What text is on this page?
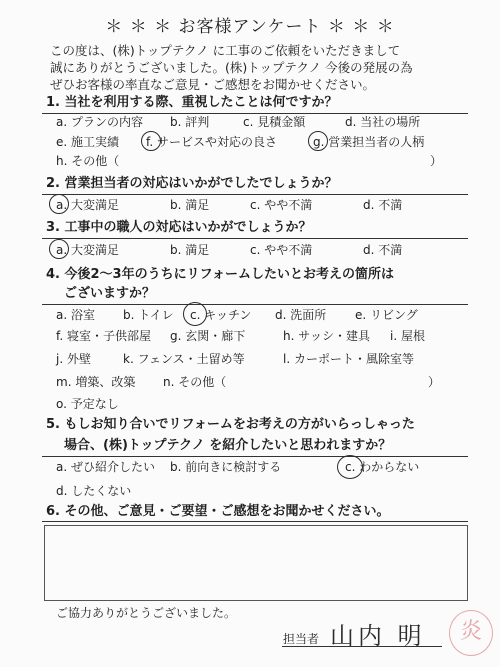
＊ ＊ ＊ お客様アンケート ＊ ＊ ＊
この度は、(株)トップテクノ に工事のご依頼をいただきまして
誠にありがとうございました。(株)トップテクノ 今後の発展の為
ぜひお客様の率直なご意見・ご感想をお聞かせください。
1. 当社を利用する際、重視したことは何ですか？
a. プランの内容 b. 評判	c. 見積金額	d. 当社の場所
e. 施工実績 f. サービスや対応の良さ	g. 営業担当者の人柄
h. その他（	）
2. 営業担当者の対応はいかがでしたでしょうか？
a. 大変満足	b. 満足	c. やや不満	d. 不満
3. 工事中の職人の対応はいかがでしょうか？
a. 大変満足	b. 満足	c. やや不満	d. 不満
4. 今後2～3年のうちにリフォームしたいとお考えの箇所は
ございますか？
a. 浴室 b. トイレ c. キッチン d. 洗面所 e. リビング
f. 寝室・子供部屋 g. 玄関・廊下	h. サッシ・建具 i. 屋根
j. 外壁	k. フェンス・土留め等	l. カーポート・風除室等
m. 増築、改築 n. その他（	）
o. 予定なし
5. もしお知り合いでリフォームをお考えの方がいらっしゃった
場合、(株)トップテクノ を紹介したいと思われますか？
a. ぜひ紹介したい b. 前向きに検討する	c. わからない
d. したくない
6. その他、ご意見・ご要望・ご感想をお聞かせください。
ご協力ありがとうございました。
担当者 山内 明	炎
